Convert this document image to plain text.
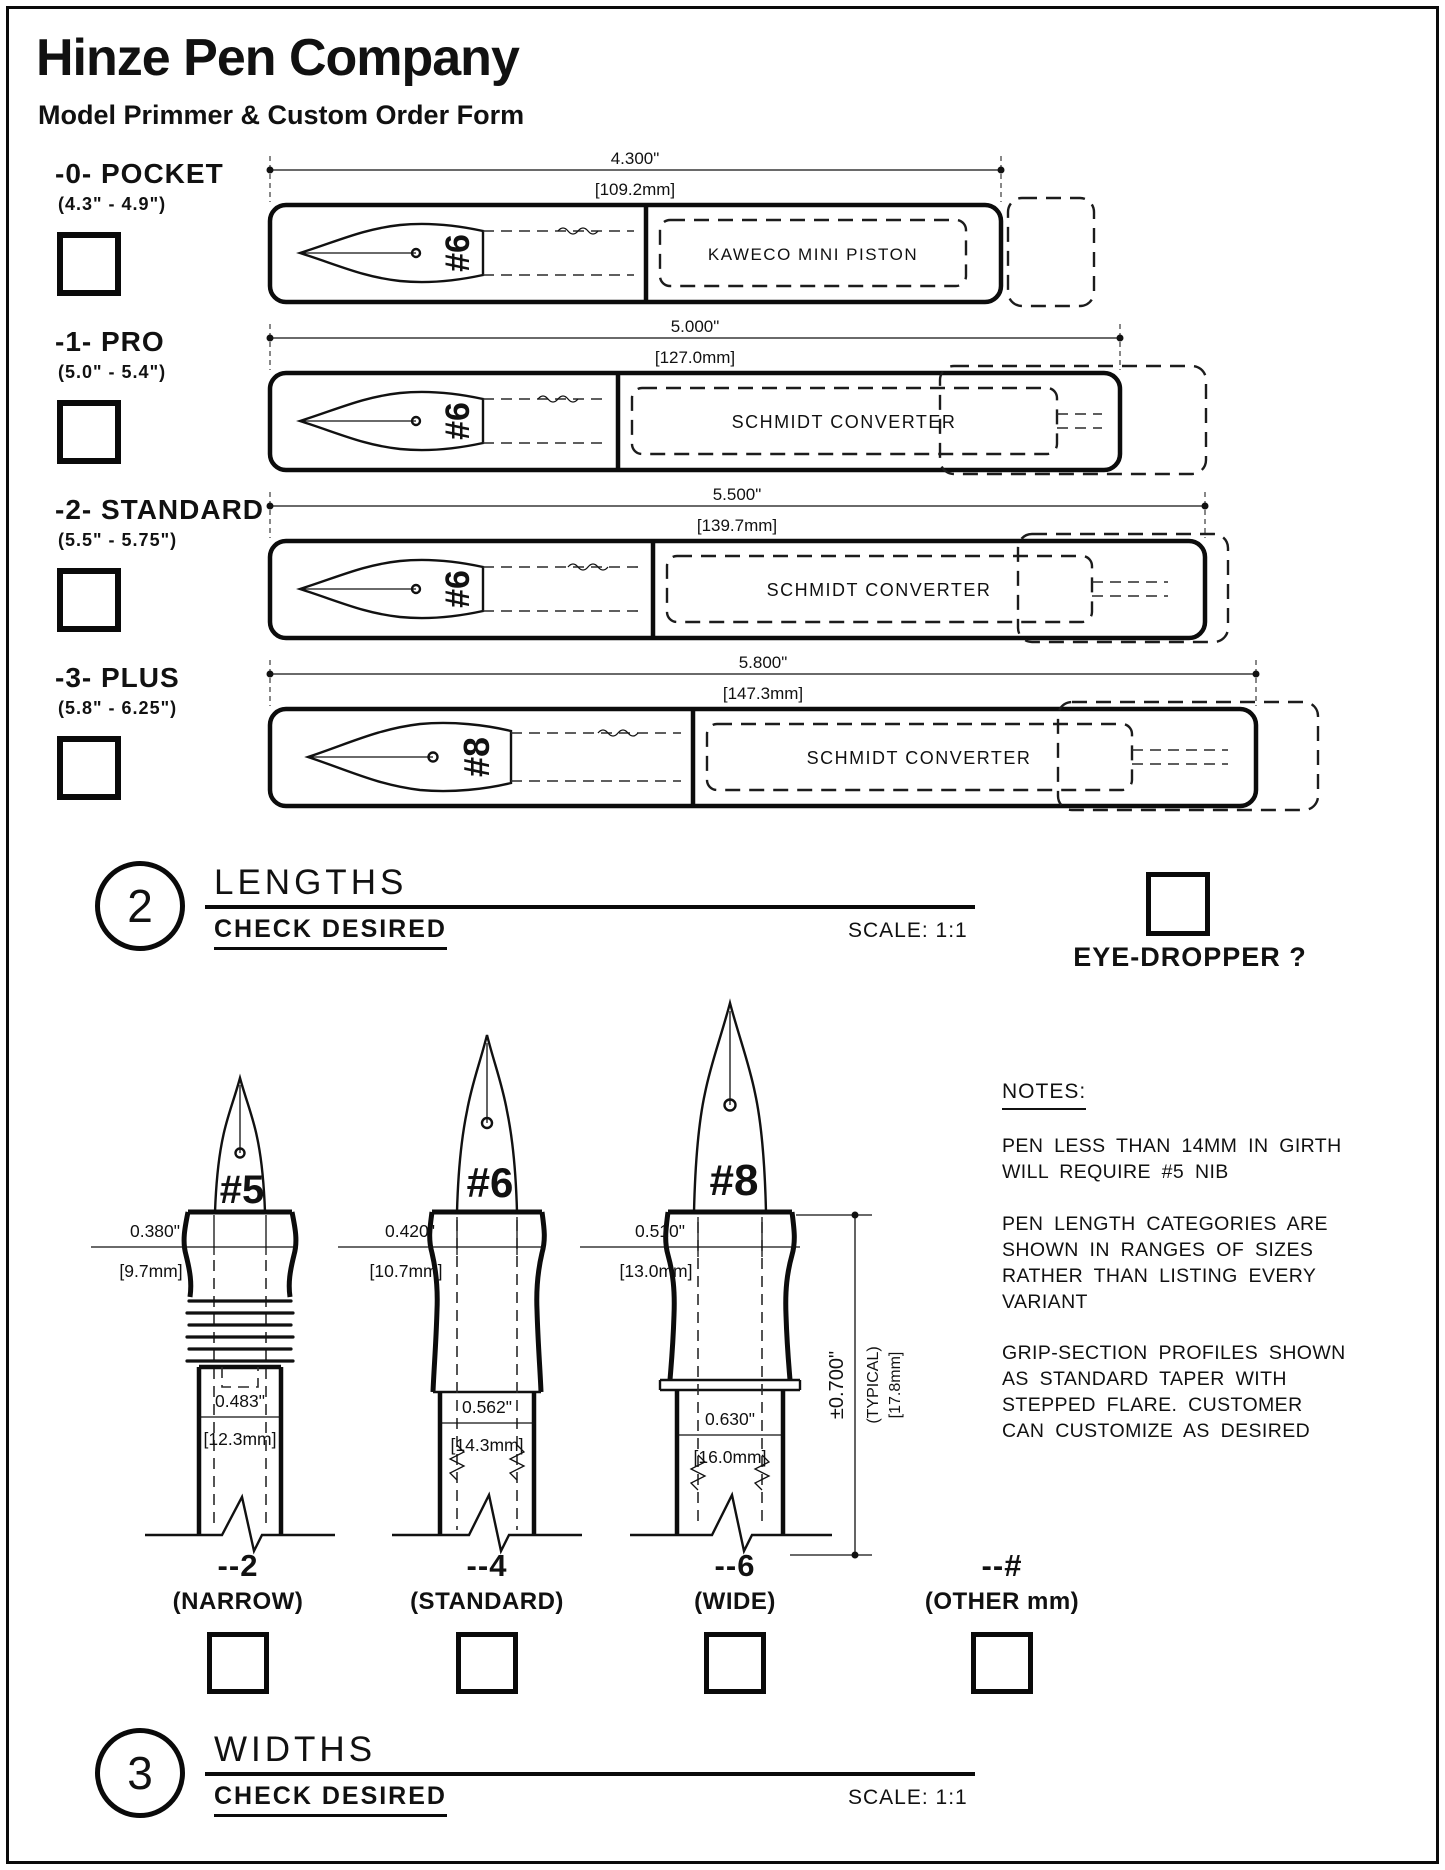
Hinze Pen Company
Model Primmer & Custom Order Form
-0- POCKET
(4.3" - 4.9")
4.300"
[109.2mm]
#6	KAWECO MINI PISTON
-1- PRO
(5.0" - 5.4")
5.000"
[127.0mm]
#6	SCHMIDT CONVERTER
-2- STANDARD
(5.5" - 5.75")
5.500"
[139.7mm]
#6	SCHMIDT CONVERTER
-3- PLUS
(5.8" - 6.25")
5.800"
[147.3mm]
#8	SCHMIDT CONVERTER
2 LENGTHS
CHECK DESIRED	SCALE: 1:1
EYE-DROPPER ?
#5
0.380"
[9.7mm]
0.483"
[12.3mm]
#6
0.420"
[10.7mm]
0.562"
[14.3mm]
#8
0.510"
[13.0mm]
0.630"
[16.0mm]
±0.700" (TYPICAL) [17.8mm]
NOTES:

PEN LESS THAN 14MM IN GIRTH WILL REQUIRE #5 NIB

PEN LENGTH CATEGORIES ARE SHOWN IN RANGES OF SIZES RATHER THAN LISTING EVERY VARIANT

GRIP-SECTION PROFILES SHOWN AS STANDARD TAPER WITH STEPPED FLARE. CUSTOMER CAN CUSTOMIZE AS DESIRED

--2
(NARROW)
--4
(STANDARD)
--6
(WIDE)
--#
(OTHER mm)
3 WIDTHS
CHECK DESIRED	SCALE: 1:1
